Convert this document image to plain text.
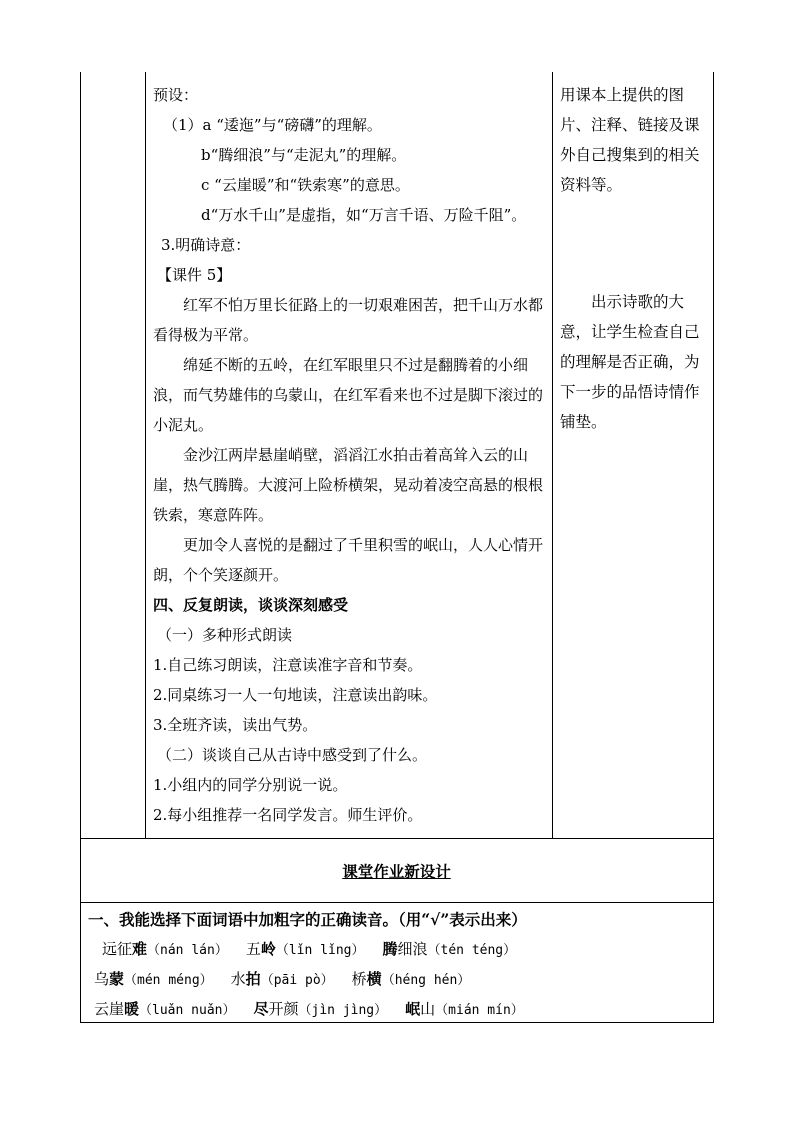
预设：

（1）a “逶迤”与“磅礴”的理解。

b“腾细浪”与“走泥丸”的理解。

c “云崖暖”和“铁索寒”的意思。

d“万水千山”是虚指，如“万言千语、万险千阻”。

3.明确诗意：

【课件 5】

红军不怕万里长征路上的一切艰难困苦，把千山万水都看得极为平常。

绵延不断的五岭，在红军眼里只不过是翻腾着的小细浪，而气势雄伟的乌蒙山，在红军看来也不过是脚下滚过的小泥丸。

金沙江两岸悬崖峭壁，滔滔江水拍击着高耸入云的山崖，热气腾腾。大渡河上险桥横架，晃动着凌空高悬的根根铁索，寒意阵阵。

更加令人喜悦的是翻过了千里积雪的岷山，人人心情开朗，个个笑逐颜开。

四、反复朗读，谈谈深刻感受

（一）多种形式朗读

1.自己练习朗读，注意读准字音和节奏。

2.同桌练习一人一句地读，注意读出韵味。

3.全班齐读，读出气势。

（二）谈谈自己从古诗中感受到了什么。

1.小组内的同学分别说一说。

2.每小组推荐一名同学发言。师生评价。

用课本上提供的图片、注释、链接及课外自己搜集到的相关资料等。

出示诗歌的大意，让学生检查自己的理解是否正确，为下一步的品悟诗情作铺垫。

课堂作业新设计

一、我能选择下面词语中加粗字的正确读音。（用“√”表示出来）

远征难（nán lán） 五岭（lǐn lǐng） 腾细浪（tén téng）

乌蒙（mén méng） 水拍（pāi pò） 桥横（héng hén）

云崖暖（luǎn nuǎn） 尽开颜（jìn jìng） 岷山（mián mín）
